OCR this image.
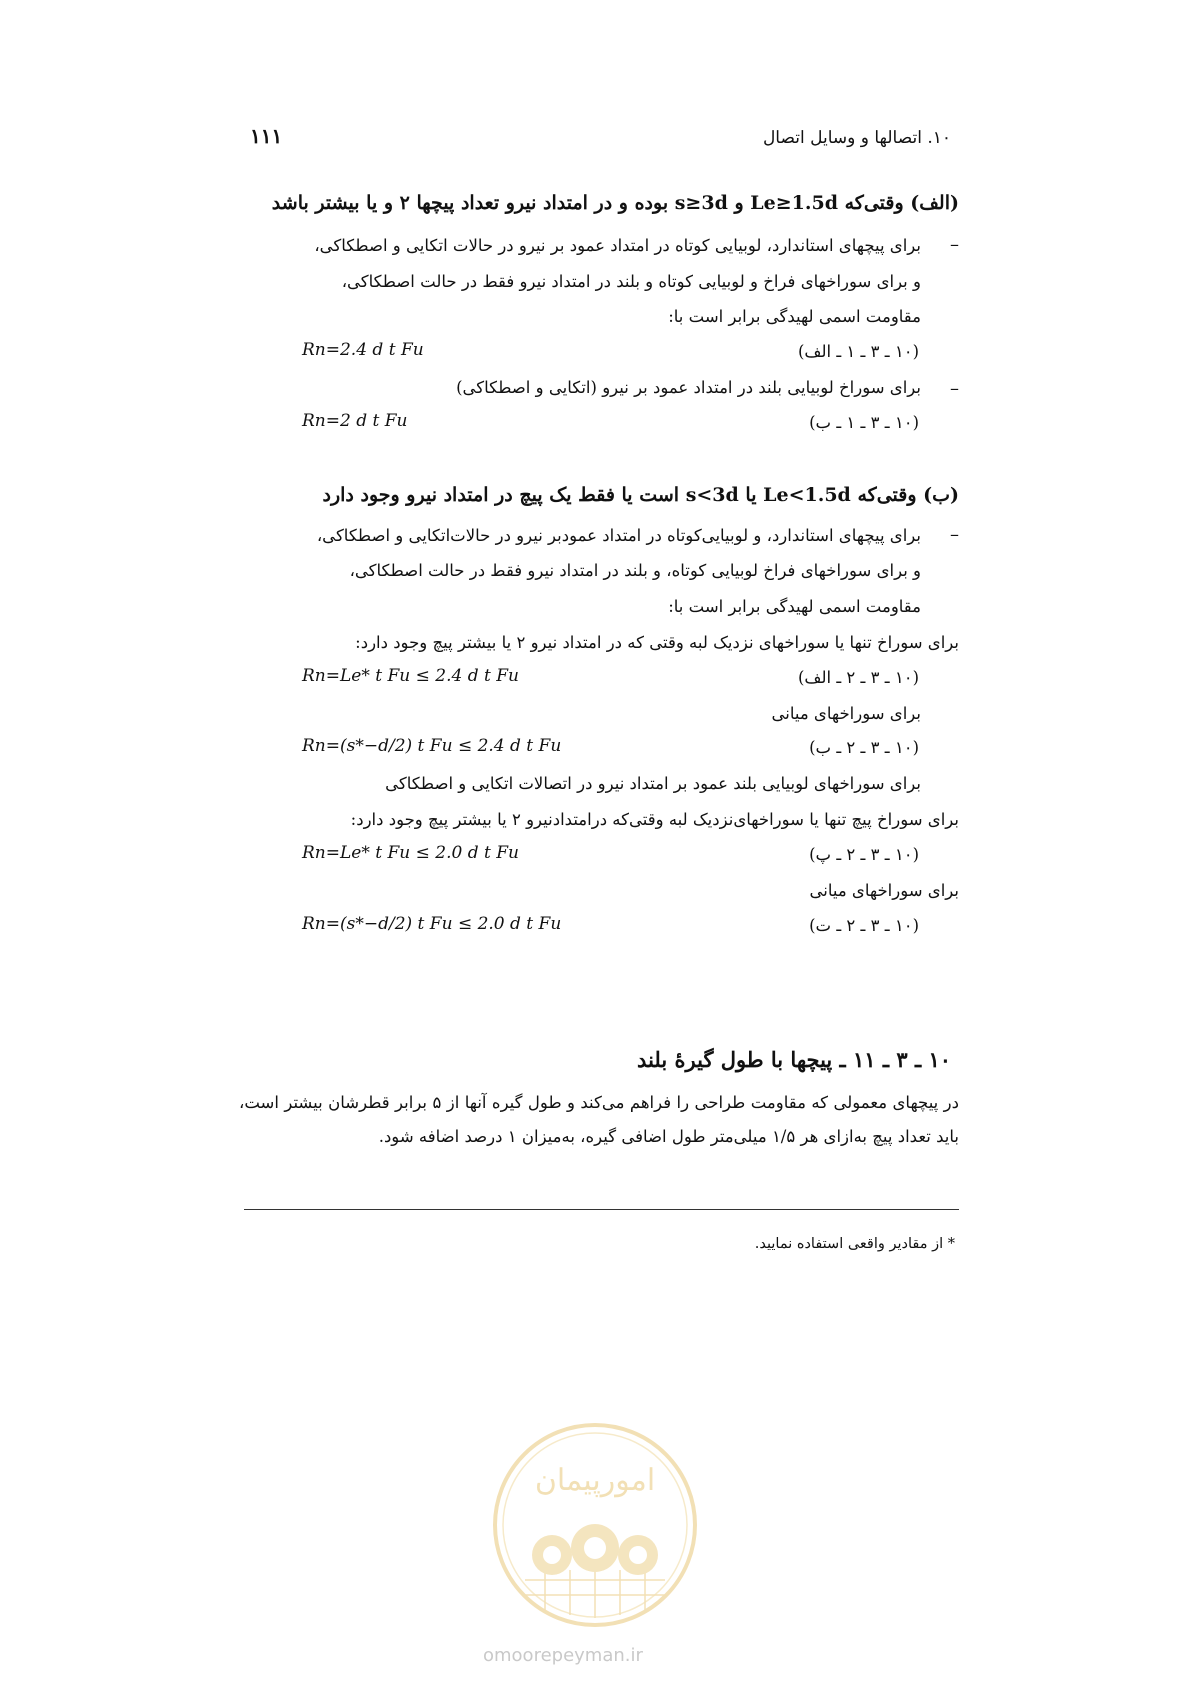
۱۱۱	۱۰. اتصالها و وسایل اتصال
(الف) وقتی‌که Le≥1.5d و s≥3d بوده و در امتداد نیرو تعداد پیچها ۲ و یا بیشتر باشد
–
برای پیچهای استاندارد، لوبیایی کوتاه در امتداد عمود بر نیرو در حالات اتکایی و اصطکاکی،
و برای سوراخهای فراخ و لوبیایی کوتاه و بلند در امتداد نیرو فقط در حالت اصطکاکی،
مقاومت اسمی لهیدگی برابر است با:
(۱۰ ـ ۳ ـ ۱ ـ الف)
Rn=2.4 d t Fu
–
برای سوراخ لوبیایی بلند در امتداد عمود بر نیرو (اتکایی و اصطکاکی)
(۱۰ ـ ۳ ـ ۱ ـ ب)
Rn=2 d t Fu
(ب) وقتی‌که Le<1.5d یا s<3d است یا فقط یک پیچ در امتداد نیرو وجود دارد
–
برای پیچهای استاندارد، و لوبیایی‌کوتاه در امتداد عمودبر نیرو در حالات‌اتکایی و اصطکاکی،
و برای سوراخهای فراخ لوبیایی کوتاه، و بلند در امتداد نیرو فقط در حالت اصطکاکی،
مقاومت اسمی لهیدگی برابر است با:
برای سوراخ تنها یا سوراخهای نزدیک لبه وقتی که در امتداد نیرو ۲ یا بیشتر پیچ وجود دارد:
(۱۰ ـ ۳ ـ ۲ ـ الف)
Rn=Le* t Fu ≤ 2.4 d t Fu
برای سوراخهای میانی
(۱۰ ـ ۳ ـ ۲ ـ ب)
Rn=(s*−d/2) t Fu ≤ 2.4 d t Fu
برای سوراخهای لوبیایی بلند عمود بر امتداد نیرو در اتصالات اتکایی و اصطکاکی
برای سوراخ پیچ تنها یا سوراخهای‌نزدیک لبه وقتی‌که درامتدادنیرو ۲ یا بیشتر پیچ وجود دارد:
(۱۰ ـ ۳ ـ ۲ ـ پ)
Rn=Le* t Fu ≤ 2.0 d t Fu
برای سوراخهای میانی
(۱۰ ـ ۳ ـ ۲ ـ ت)
Rn=(s*−d/2) t Fu ≤ 2.0 d t Fu
۱۰ ـ ۳ ـ ۱۱ ـ پیچها با طول گیرهٔ بلند
در پیچهای معمولی که مقاومت طراحی را فراهم می‌کند و طول گیره آنها از ۵ برابر قطرشان بیشتر است، باید تعداد پیچ به‌ازای هر ۱/۵ میلی‌متر طول اضافی گیره، به‌میزان ۱ درصد اضافه شود.
* از مقادیر واقعی استفاده نمایید.
امورپیمان
omoorepeyman.ir
